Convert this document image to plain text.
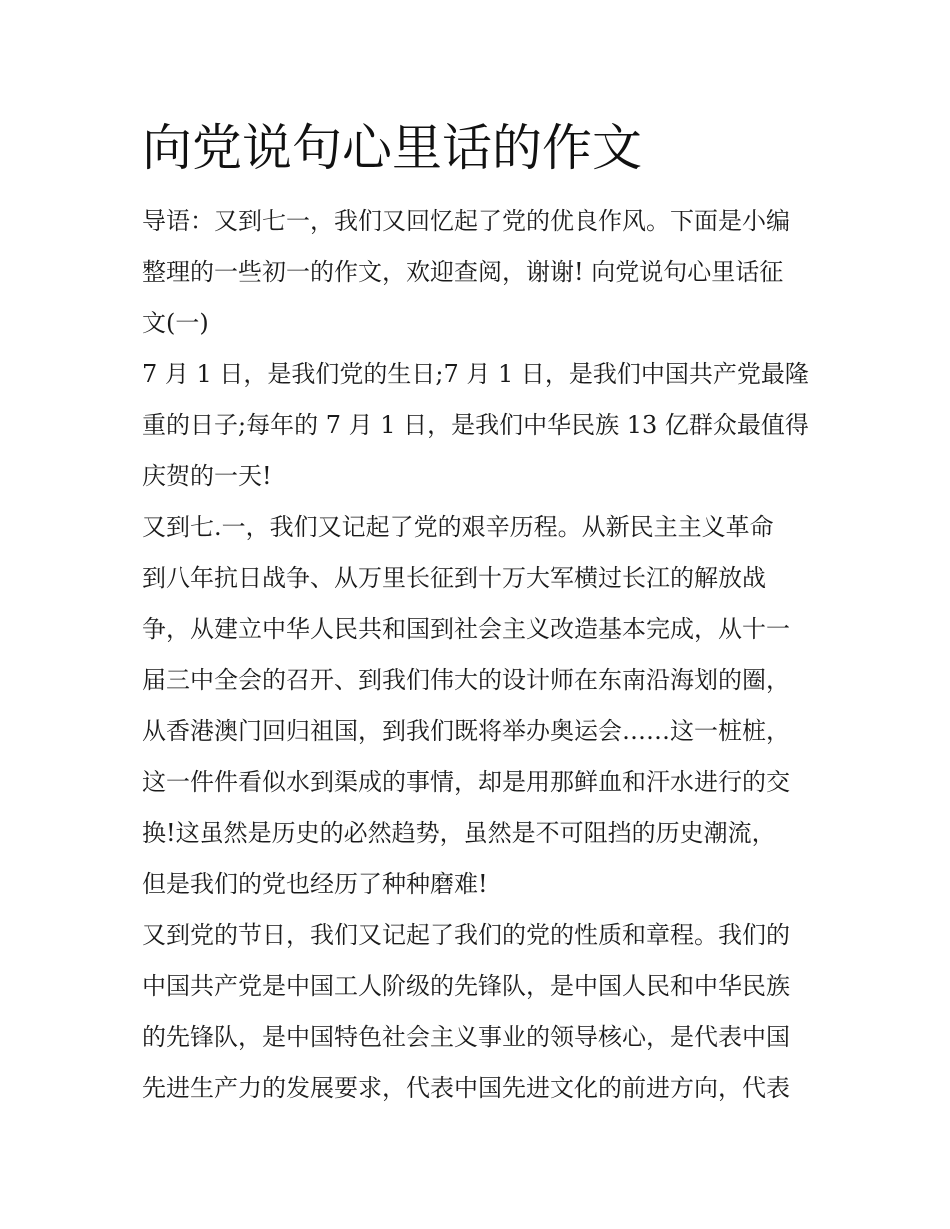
向党说句心里话的作文
导语：又到七一，我们又回忆起了党的优良作风。下面是小编
整理的一些初一的作文，欢迎查阅，谢谢! 向党说句心里话征
文(一)
7 月 1 日，是我们党的生日;7 月 1 日，是我们中国共产党最隆
重的日子;每年的 7 月 1 日，是我们中华民族 13 亿群众最值得
庆贺的一天!
又到七.一，我们又记起了党的艰辛历程。从新民主主义革命
到八年抗日战争、从万里长征到十万大军横过长江的解放战
争，从建立中华人民共和国到社会主义改造基本完成，从十一
届三中全会的召开、到我们伟大的设计师在东南沿海划的圈，
从香港澳门回归祖国，到我们既将举办奥运会……这一桩桩，
这一件件看似水到渠成的事情，却是用那鲜血和汗水进行的交
换!这虽然是历史的必然趋势，虽然是不可阻挡的历史潮流，
但是我们的党也经历了种种磨难!
又到党的节日，我们又记起了我们的党的性质和章程。我们的
中国共产党是中国工人阶级的先锋队，是中国人民和中华民族
的先锋队，是中国特色社会主义事业的领导核心，是代表中国
先进生产力的发展要求，代表中国先进文化的前进方向，代表
